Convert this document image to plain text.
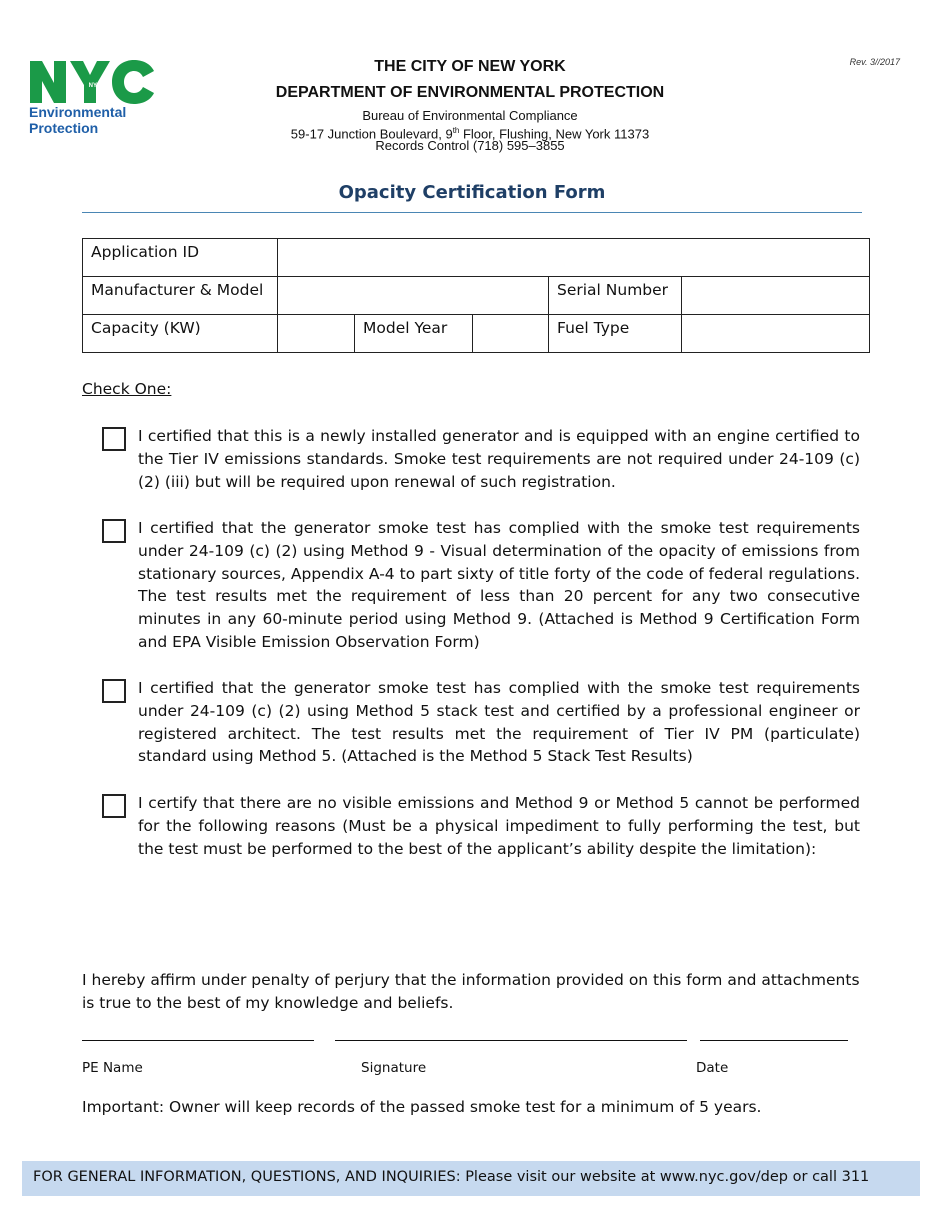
NYC
Environmental
Protection
Rev. 3//2017
THE CITY OF NEW YORK
DEPARTMENT OF ENVIRONMENTAL PROTECTION
Bureau of Environmental Compliance
59-17 Junction Boulevard, 9th Floor, Flushing, New York 11373
Records Control (718) 595–3855
Opacity Certification Form
Application ID					
Manufacturer & Model				Serial Number	
Capacity (KW)		Model Year		Fuel Type	
Check One:
I certified that this is a newly installed generator and is equipped with an engine certified to the Tier IV emissions standards. Smoke test requirements are not required under 24-109 (c) (2) (iii) but will be required upon renewal of such registration.
I certified that the generator smoke test has complied with the smoke test requirements under 24-109 (c) (2) using Method 9 - Visual determination of the opacity of emissions from stationary sources, Appendix A-4 to part sixty of title forty of the code of federal regulations. The test results met the requirement of less than 20 percent for any two consecutive minutes in any 60-minute period using Method 9. (Attached is Method 9 Certification Form and EPA Visible Emission Observation Form)
I certified that the generator smoke test has complied with the smoke test requirements under 24-109 (c) (2) using Method 5 stack test and certified by a professional engineer or registered architect. The test results met the requirement of Tier IV PM (particulate) standard using Method 5. (Attached is the Method 5 Stack Test Results)
I certify that there are no visible emissions and Method 9 or Method 5 cannot be performed for the following reasons (Must be a physical impediment to fully performing the test, but the test must be performed to the best of the applicant’s ability despite the limitation):
I hereby affirm under penalty of perjury that the information provided on this form and attachments is true to the best of my knowledge and beliefs.
PE Name	Signature	Date
Important: Owner will keep records of the passed smoke test for a minimum of 5 years.
FOR GENERAL INFORMATION, QUESTIONS, AND INQUIRIES: Please visit our website at www.nyc.gov/dep or call 311
